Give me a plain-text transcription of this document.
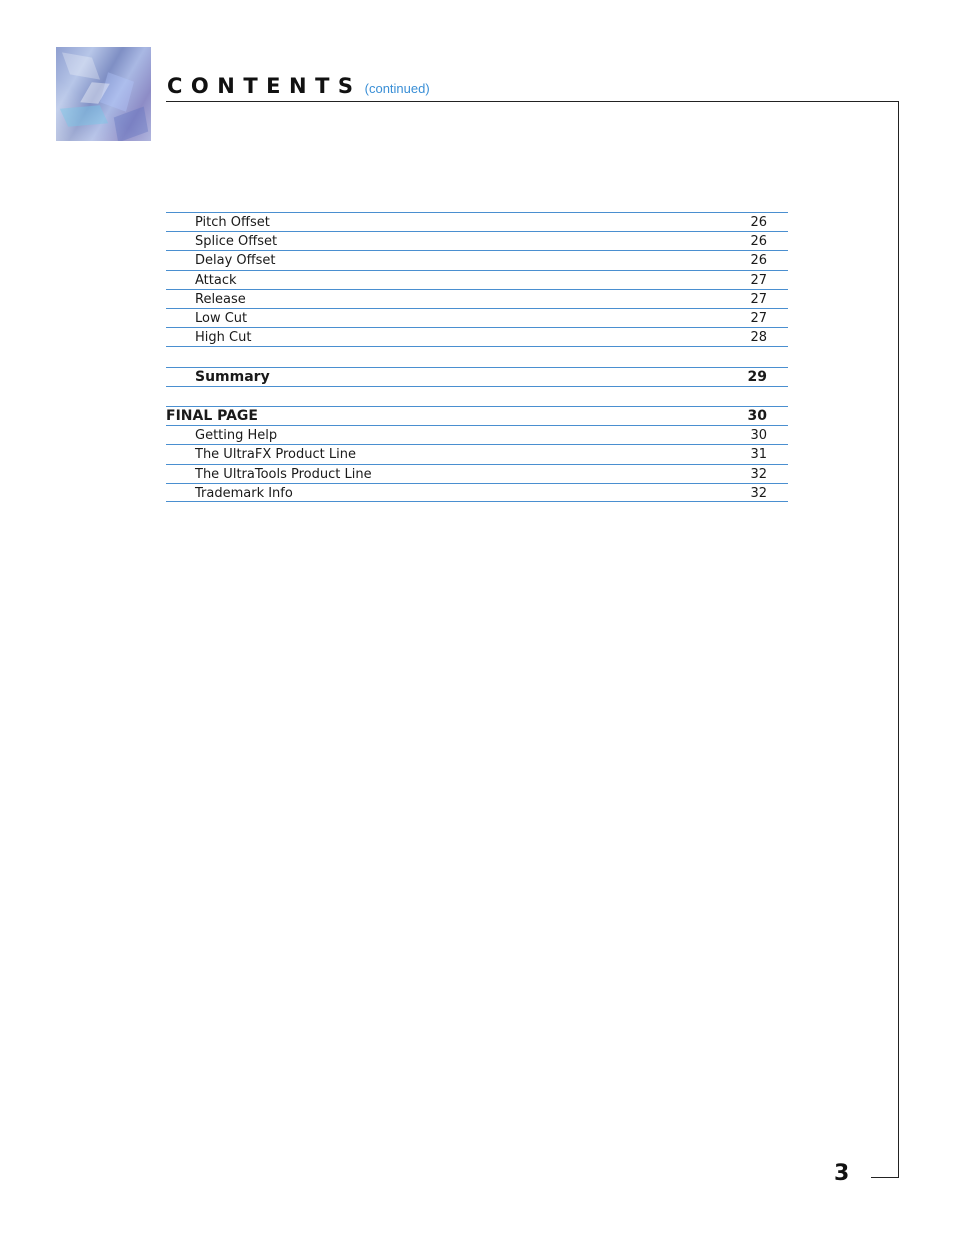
CONTENTS (continued)
Pitch Offset	26
Splice Offset	26
Delay Offset	26
Attack	27
Release	27
Low Cut	27
High Cut	28
Summary	29
FINAL PAGE	30
Getting Help	30
The UltraFX Product Line	31
The UltraTools Product Line	32
Trademark Info	32
3
